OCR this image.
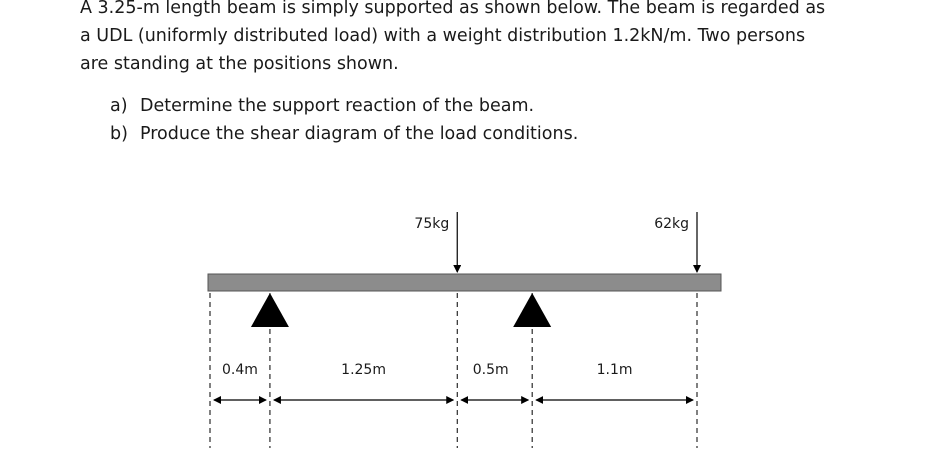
A 3.25-m length beam is simply supported as shown below. The beam is regarded as

a UDL (uniformly distributed load) with a weight distribution 1.2kN/m. Two persons

are standing at the positions shown.

a) Determine the support reaction of the beam.
b) Produce the shear diagram of the load conditions.
75kg	62kg
0.4m	1.25m	0.5m	1.1m
